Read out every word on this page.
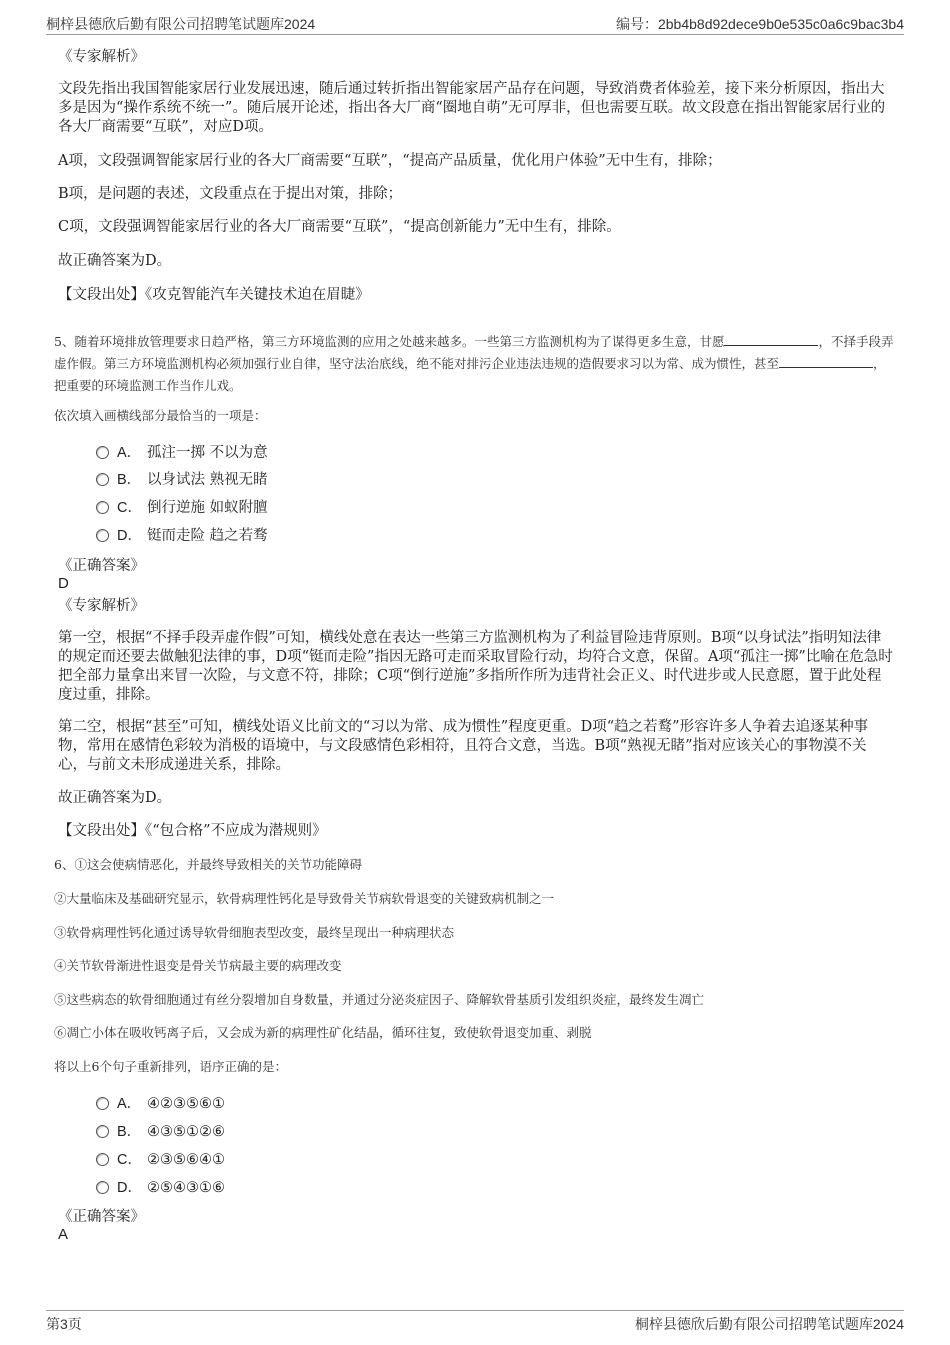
桐梓县德欣后勤有限公司招聘笔试题库2024	编号：2bb4b8d92dece9b0e535c0a6c9bac3b4

《专家解析》

文段先指出我国智能家居行业发展迅速，随后通过转折指出智能家居产品存在问题，导致消费者体验差，接下来分析原因，指出大多是因为“操作系统不统一”。随后展开论述，指出各大厂商“圈地自萌”无可厚非，但也需要互联。故文段意在指出智能家居行业的各大厂商需要“互联”，对应D项。

A项，文段强调智能家居行业的各大厂商需要“互联”，“提高产品质量，优化用户体验”无中生有，排除；

B项，是问题的表述，文段重点在于提出对策，排除；

C项，文段强调智能家居行业的各大厂商需要“互联”，“提高创新能力”无中生有，排除。

故正确答案为D。

【文段出处】《攻克智能汽车关键技术迫在眉睫》

5、随着环境排放管理要求日趋严格，第三方环境监测的应用之处越来越多。一些第三方监测机构为了谋得更多生意，甘愿	，不择手段弄虚作假。第三方环境监测机构必须加强行业自律，坚守法治底线，绝不能对排污企业违法违规的造假要求习以为常、成为惯性，甚至	，把重要的环境监测工作当作儿戏。

依次填入画横线部分最恰当的一项是：

A． 孤注一掷 不以为意
B． 以身试法 熟视无睹
C． 倒行逆施 如蚁附膻
D． 铤而走险 趋之若骛

《正确答案》

D

《专家解析》

第一空，根据“不择手段弄虚作假”可知，横线处意在表达一些第三方监测机构为了利益冒险违背原则。B项“以身试法”指明知法律的规定而还要去做触犯法律的事，D项“铤而走险”指因无路可走而采取冒险行动，均符合文意，保留。A项“孤注一掷”比喻在危急时把全部力量拿出来冒一次险，与文意不符，排除；C项“倒行逆施”多指所作所为违背社会正义、时代进步或人民意愿，置于此处程度过重，排除。

第二空，根据“甚至”可知，横线处语义比前文的“习以为常、成为惯性”程度更重。D项“趋之若鹜”形容许多人争着去追逐某种事物，常用在感情色彩较为消极的语境中，与文段感情色彩相符，且符合文意，当选。B项“熟视无睹”指对应该关心的事物漠不关心，与前文未形成递进关系，排除。

故正确答案为D。

【文段出处】《“包合格”不应成为潜规则》

6、①这会使病情恶化，并最终导致相关的关节功能障碍

②大量临床及基础研究显示，软骨病理性钙化是导致骨关节病软骨退变的关键致病机制之一

③软骨病理性钙化通过诱导软骨细胞表型改变，最终呈现出一种病理状态

④关节软骨渐进性退变是骨关节病最主要的病理改变

⑤这些病态的软骨细胞通过有丝分裂增加自身数量，并通过分泌炎症因子、降解软骨基质引发组织炎症，最终发生凋亡

⑥凋亡小体在吸收钙离子后，又会成为新的病理性矿化结晶，循环往复，致使软骨退变加重、剥脱

将以上6个句子重新排列，语序正确的是：

A． ④②③⑤⑥①
B． ④③⑤①②⑥
C． ②③⑤⑥④①
D． ②⑤④③①⑥

《正确答案》

A
第3页	桐梓县德欣后勤有限公司招聘笔试题库2024
